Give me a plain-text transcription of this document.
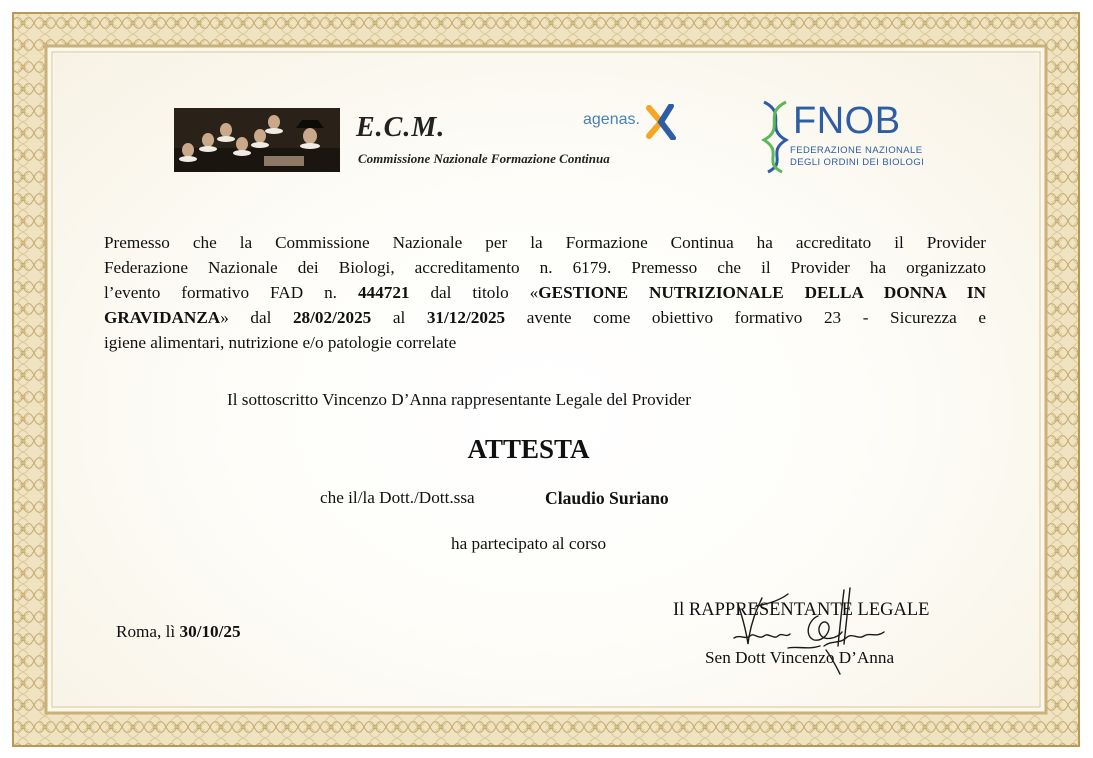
E.C.M.
Commissione Nazionale Formazione Continua
agenas.	FNOB
FEDERAZIONE NAZIONALE
DEGLI ORDINI DEI BIOLOGI
Premesso che la Commissione Nazionale per la Formazione Continua ha accreditato il Provider
Federazione Nazionale dei Biologi, accreditamento n. 6179. Premesso che il Provider ha organizzato
l’evento formativo FAD n. 444721 dal titolo «GESTIONE NUTRIZIONALE DELLA DONNA IN
GRAVIDANZA» dal 28/02/2025 al 31/12/2025 avente come obiettivo formativo 23 - Sicurezza e
igiene alimentari, nutrizione e/o patologie correlate
Il sottoscritto Vincenzo D’Anna rappresentante Legale del Provider
ATTESTA
che il/la Dott./Dott.ssa	Claudio Suriano
ha partecipato al corso
Roma, lì 30/10/25
Il RAPPRESENTANTE LEGALE
Sen Dott Vincenzo D’Anna
